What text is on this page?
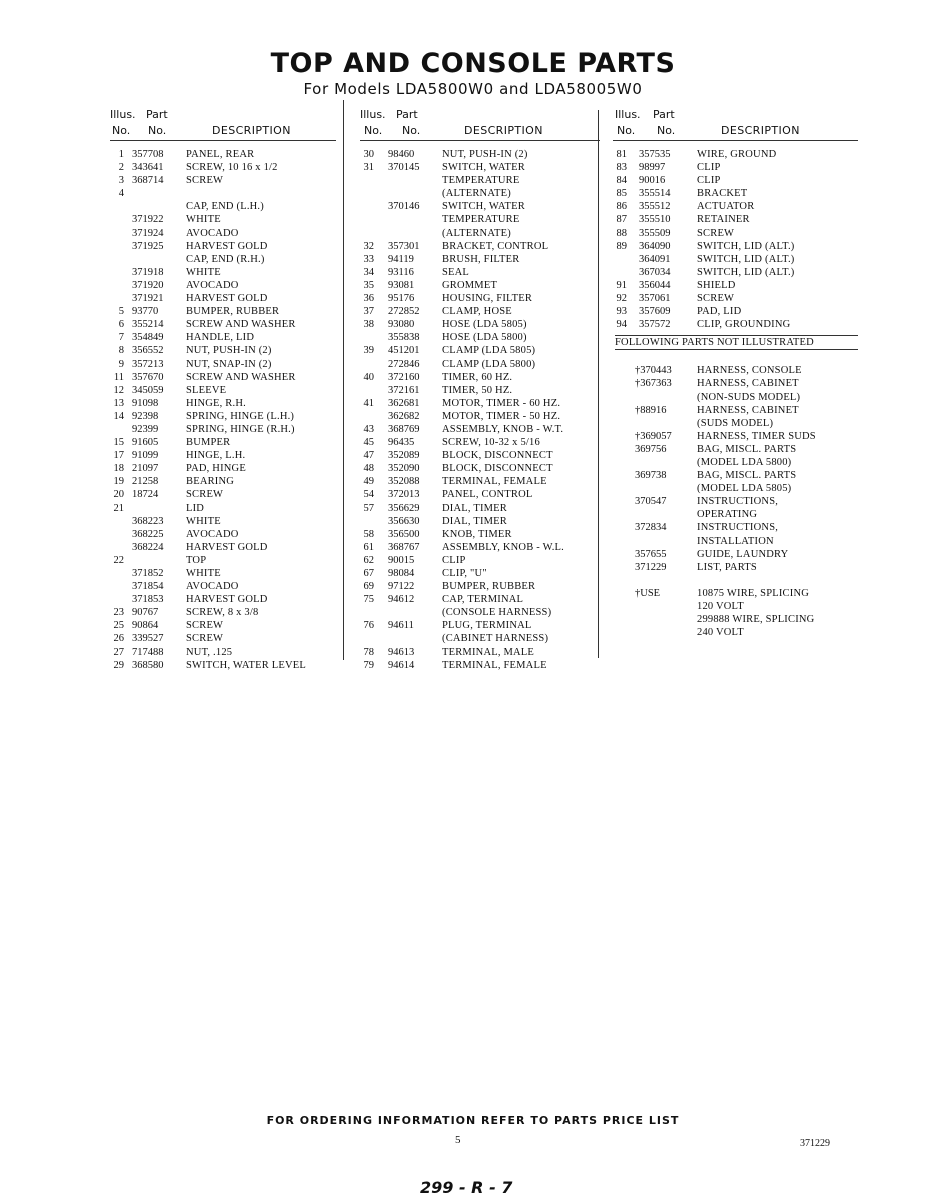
TOP AND CONSOLE PARTS
For Models LDA5800W0 and LDA58005W0
Illus. Part
No. No.	DESCRIPTION
1 357708 PANEL, REAR
2 343641 SCREW, 10 16 x 1/2
3 368714 SCREW
4
CAP, END (L.H.)
371922 WHITE
371924 AVOCADO
371925 HARVEST GOLD
CAP, END (R.H.)
371918 WHITE
371920 AVOCADO
371921 HARVEST GOLD
5 93770	BUMPER, RUBBER
6 355214 SCREW AND WASHER
7 354849 HANDLE, LID
8 356552 NUT, PUSH-IN (2)
9 357213 NUT, SNAP-IN (2)
11 357670 SCREW AND WASHER
12 345059 SLEEVE
13 91098	HINGE, R.H.
14 92398	SPRING, HINGE (L.H.)
92399	SPRING, HINGE (R.H.)
15 91605	BUMPER
17 91099	HINGE, L.H.
18 21097	PAD, HINGE
19 21258	BEARING
20 18724	SCREW
21	LID
368223 WHITE
368225 AVOCADO
368224 HARVEST GOLD
22	TOP
371852 WHITE
371854 AVOCADO
371853 HARVEST GOLD
23 90767	SCREW, 8 x 3/8
25 90864	SCREW
26 339527 SCREW
27 717488 NUT, .125
29 368580 SWITCH, WATER LEVEL
Illus. Part
No. No.	DESCRIPTION
30 98460	NUT, PUSH-IN (2)
31 370145 SWITCH, WATER
TEMPERATURE
(ALTERNATE)
370146 SWITCH, WATER
TEMPERATURE
(ALTERNATE)
32 357301 BRACKET, CONTROL
33 94119	BRUSH, FILTER
34 93116	SEAL
35 93081	GROMMET
36 95176	HOUSING, FILTER
37 272852 CLAMP, HOSE
38 93080	HOSE (LDA 5805)
355838 HOSE (LDA 5800)
39 451201 CLAMP (LDA 5805)
272846 CLAMP (LDA 5800)
40 372160 TIMER, 60 HZ.
372161 TIMER, 50 HZ.
41 362681 MOTOR, TIMER - 60 HZ.
362682 MOTOR, TIMER - 50 HZ.
43 368769 ASSEMBLY, KNOB - W.T.
45 96435	SCREW, 10-32 x 5/16
47 352089 BLOCK, DISCONNECT
48 352090 BLOCK, DISCONNECT
49 352088 TERMINAL, FEMALE
54 372013 PANEL, CONTROL
57 356629 DIAL, TIMER
356630 DIAL, TIMER
58 356500 KNOB, TIMER
61 368767 ASSEMBLY, KNOB - W.L.
62 90015	CLIP
67 98084	CLIP, "U"
69 97122	BUMPER, RUBBER
75 94612	CAP, TERMINAL
(CONSOLE HARNESS)
76 94611	PLUG, TERMINAL
(CABINET HARNESS)
78 94613	TERMINAL, MALE
79 94614	TERMINAL, FEMALE
Illus. Part
No. No.	DESCRIPTION
81 357535	WIRE, GROUND
83 98997	CLIP
84 90016	CLIP
85 355514	BRACKET
86 355512	ACTUATOR
87 355510	RETAINER
88 355509	SCREW
89 364090	SWITCH, LID (ALT.)
364091	SWITCH, LID (ALT.)
367034	SWITCH, LID (ALT.)
91 356044	SHIELD
92 357061	SCREW
93 357609	PAD, LID
94 357572	CLIP, GROUNDING
FOLLOWING PARTS NOT ILLUSTRATED
†370443 HARNESS, CONSOLE
†367363 HARNESS, CABINET
(NON-SUDS MODEL)
†88916	HARNESS, CABINET
(SUDS MODEL)
†369057 HARNESS, TIMER SUDS
369756	BAG, MISCL. PARTS
(MODEL LDA 5800)
369738	BAG, MISCL. PARTS
(MODEL LDA 5805)
370547	INSTRUCTIONS,
OPERATING
372834	INSTRUCTIONS,
INSTALLATION
357655	GUIDE, LAUNDRY
371229	LIST, PARTS
†USE	10875 WIRE, SPLICING
120 VOLT
299888 WIRE, SPLICING
240 VOLT
FOR ORDERING INFORMATION REFER TO PARTS PRICE LIST
5	371229
299 - R - 7
